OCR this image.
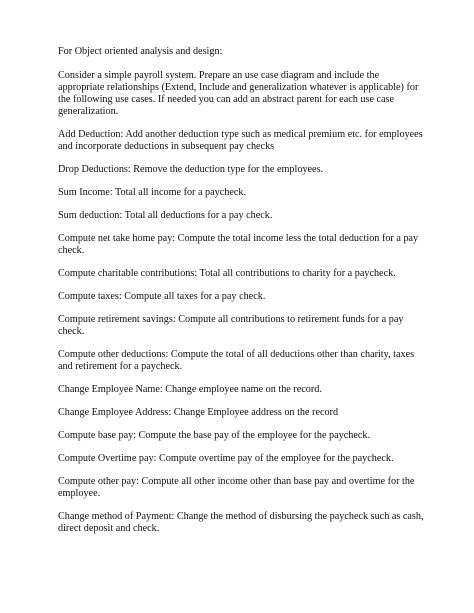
For Object oriented analysis and design:

Consider a simple payroll system. Prepare an use case diagram and include the appropriate relationships (Extend, Include and generalization whatever is applicable) for the following use cases. If needed you can add an abstract parent for each use case generalization.

Add Deduction: Add another deduction type such as medical premium etc. for employees and incorporate deductions in subsequent pay checks

Drop Deductions: Remove the deduction type for the employees.

Sum Income: Total all income for a paycheck.

Sum deduction: Total all deductions for a pay check.

Compute net take home pay: Compute the total income less the total deduction for a pay check.

Compute charitable contributions: Total all contributions to charity for a paycheck.

Compute taxes: Compute all taxes for a pay check.

Compute retirement savings: Compute all contributions to retirement funds for a pay check.

Compute other deductions: Compute the total of all deductions other than charity, taxes and retirement for a paycheck.

Change Employee Name: Change employee name on the record.

Change Employee Address: Change Employee address on the record

Compute base pay: Compute the base pay of the employee for the paycheck.

Compute Overtime pay: Compute overtime pay of the employee for the paycheck.

Compute other pay: Compute all other income other than base pay and overtime for the employee.

Change method of Payment: Change the method of disbursing the paycheck such as cash, direct deposit and check.
